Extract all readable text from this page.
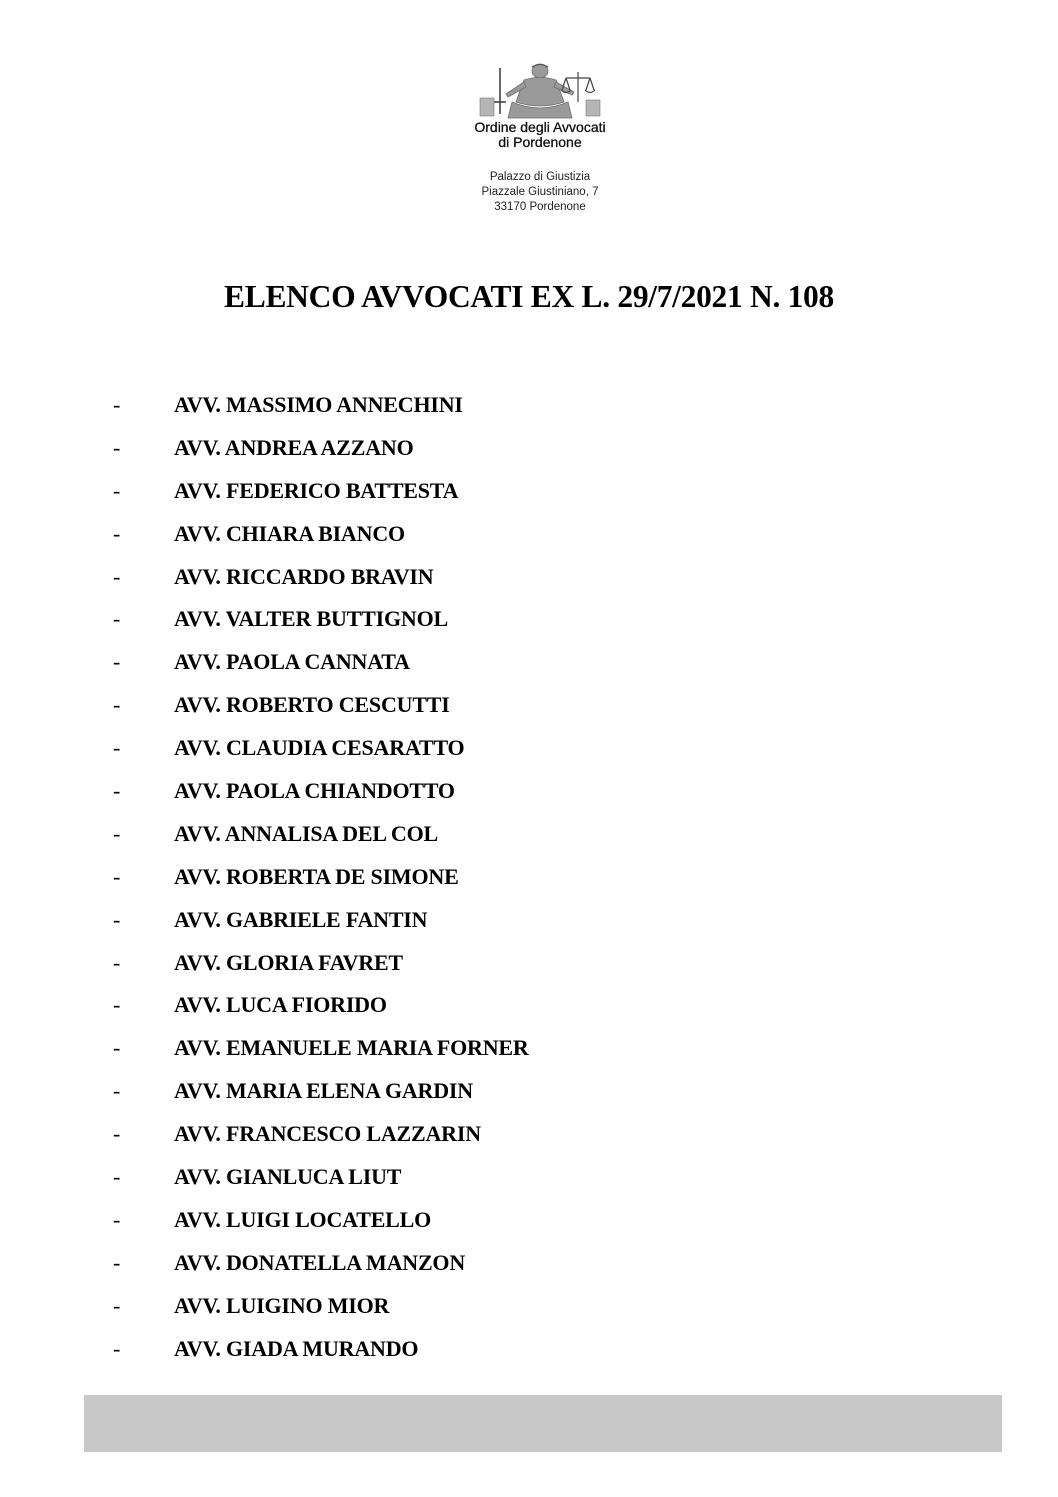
Ordine degli Avvocati
di Pordenone
Palazzo di Giustizia
Piazzale Giustiniano, 7
33170 Pordenone
ELENCO AVVOCATI EX L. 29/7/2021 N. 108
- AVV. MASSIMO ANNECHINI
- AVV. ANDREA AZZANO
- AVV. FEDERICO BATTESTA
- AVV. CHIARA BIANCO
- AVV. RICCARDO BRAVIN
- AVV. VALTER BUTTIGNOL
- AVV. PAOLA CANNATA
- AVV. ROBERTO CESCUTTI
- AVV. CLAUDIA CESARATTO
- AVV. PAOLA CHIANDOTTO
- AVV. ANNALISA DEL COL
- AVV. ROBERTA DE SIMONE
- AVV. GABRIELE FANTIN
- AVV. GLORIA FAVRET
- AVV. LUCA FIORIDO
- AVV. EMANUELE MARIA FORNER
- AVV. MARIA ELENA GARDIN
- AVV. FRANCESCO LAZZARIN
- AVV. GIANLUCA LIUT
- AVV. LUIGI LOCATELLO
- AVV. DONATELLA MANZON
- AVV. LUIGINO MIOR
- AVV. GIADA MURANDO
